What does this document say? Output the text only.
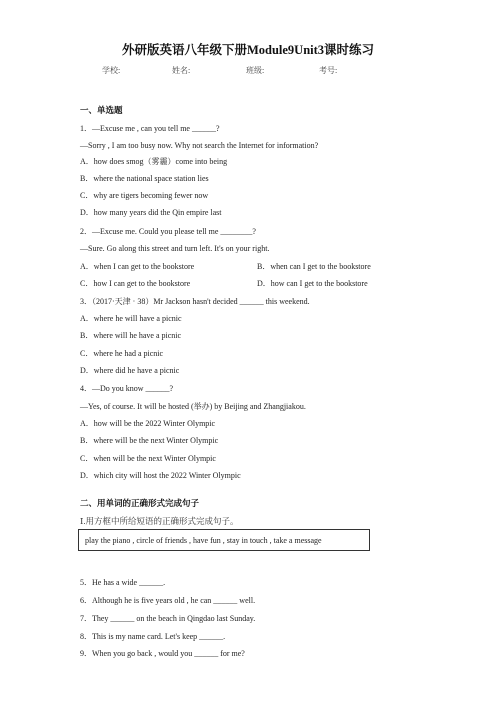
外研版英语八年级下册Module9Unit3课时练习
学校:	姓名:	班级:	考号:
一、单选题
1．—Excuse me , can you tell me ______?
—Sorry , I am too busy now. Why not search the Internet for information?
A．how does smog（雾霾）come into being
B．where the national space station lies
C．why are tigers becoming fewer now
D．how many years did the Qin empire last
2．—Excuse me. Could you please tell me ________?
—Sure. Go along this street and turn left. It's on your right.
A．when I can get to the bookstore	B．when can I get to the bookstore
C．how I can get to the bookstore	D．how can I get to the bookstore
3．（2017·天津 · 38）Mr Jackson hasn't decided ______ this weekend.
A．where he will have a picnic
B．where will he have a picnic
C．where he had a picnic
D．where did he have a picnic
4．—Do you know ______?
—Yes, of course. It will be hosted (举办) by Beijing and Zhangjiakou.
A．how will be the 2022 Winter Olympic
B．where will be the next Winter Olympic
C．when will be the next Winter Olympic
D．which city will host the 2022 Winter Olympic
二、用单词的正确形式完成句子
Ⅰ.用方框中所给短语的正确形式完成句子。
play the piano , circle of friends , have fun , stay in touch , take a message
5．He has a wide ______.
6．Although he is five years old , he can ______ well.
7．They ______ on the beach in Qingdao last Sunday.
8．This is my name card. Let's keep ______.
9．When you go back , would you ______ for me?
